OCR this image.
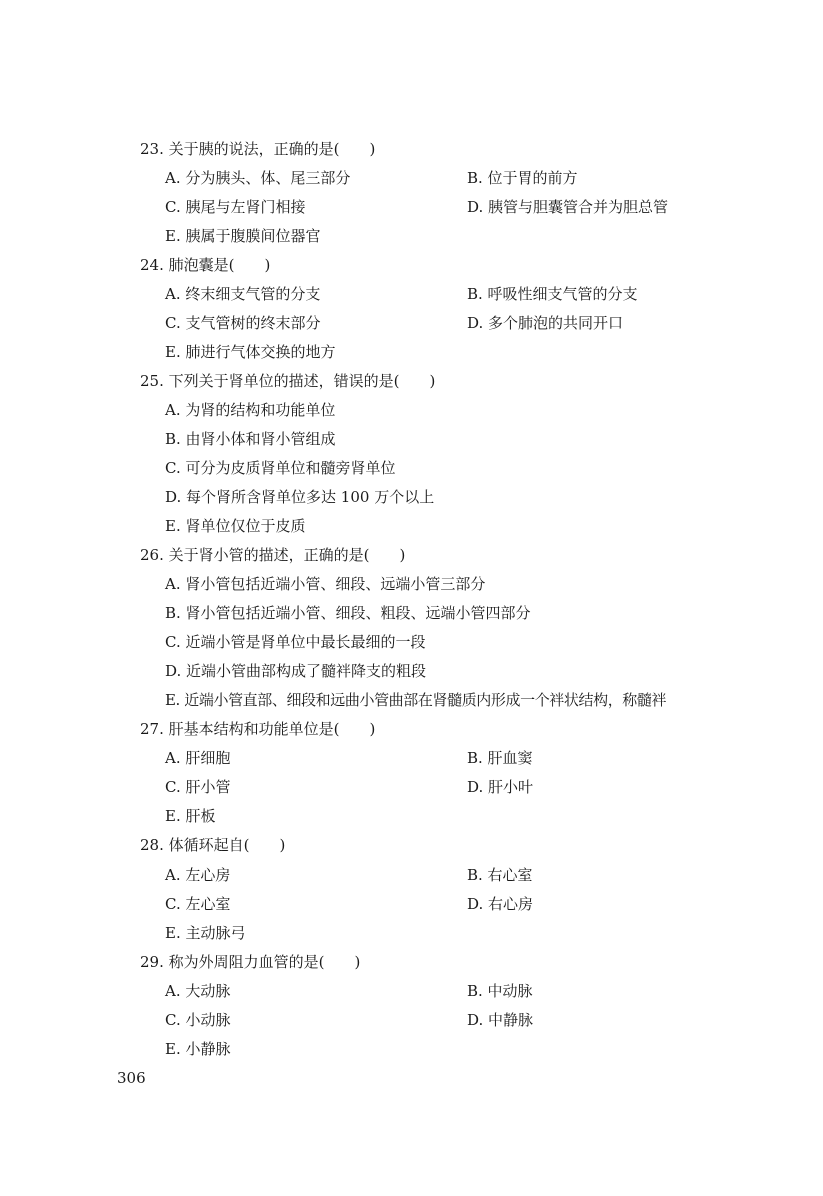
23. 关于胰的说法，正确的是(　　)
A. 分为胰头、体、尾三部分	B. 位于胃的前方
C. 胰尾与左肾门相接	D. 胰管与胆囊管合并为胆总管
E. 胰属于腹膜间位器官
24. 肺泡囊是(　　)
A. 终末细支气管的分支	B. 呼吸性细支气管的分支
C. 支气管树的终末部分	D. 多个肺泡的共同开口
E. 肺进行气体交换的地方
25. 下列关于肾单位的描述，错误的是(　　)
A. 为肾的结构和功能单位
B. 由肾小体和肾小管组成
C. 可分为皮质肾单位和髓旁肾单位
D. 每个肾所含肾单位多达 100 万个以上
E. 肾单位仅位于皮质
26. 关于肾小管的描述，正确的是(　　)
A. 肾小管包括近端小管、细段、远端小管三部分
B. 肾小管包括近端小管、细段、粗段、远端小管四部分
C. 近端小管是肾单位中最长最细的一段
D. 近端小管曲部构成了髓袢降支的粗段
E. 近端小管直部、细段和远曲小管曲部在肾髓质内形成一个袢状结构，称髓袢
27. 肝基本结构和功能单位是(　　)
A. 肝细胞	B. 肝血窦
C. 肝小管	D. 肝小叶
E. 肝板
28. 体循环起自(　　)
A. 左心房	B. 右心室
C. 左心室	D. 右心房
E. 主动脉弓
29. 称为外周阻力血管的是(　　)
A. 大动脉	B. 中动脉
C. 小动脉	D. 中静脉
E. 小静脉
306
